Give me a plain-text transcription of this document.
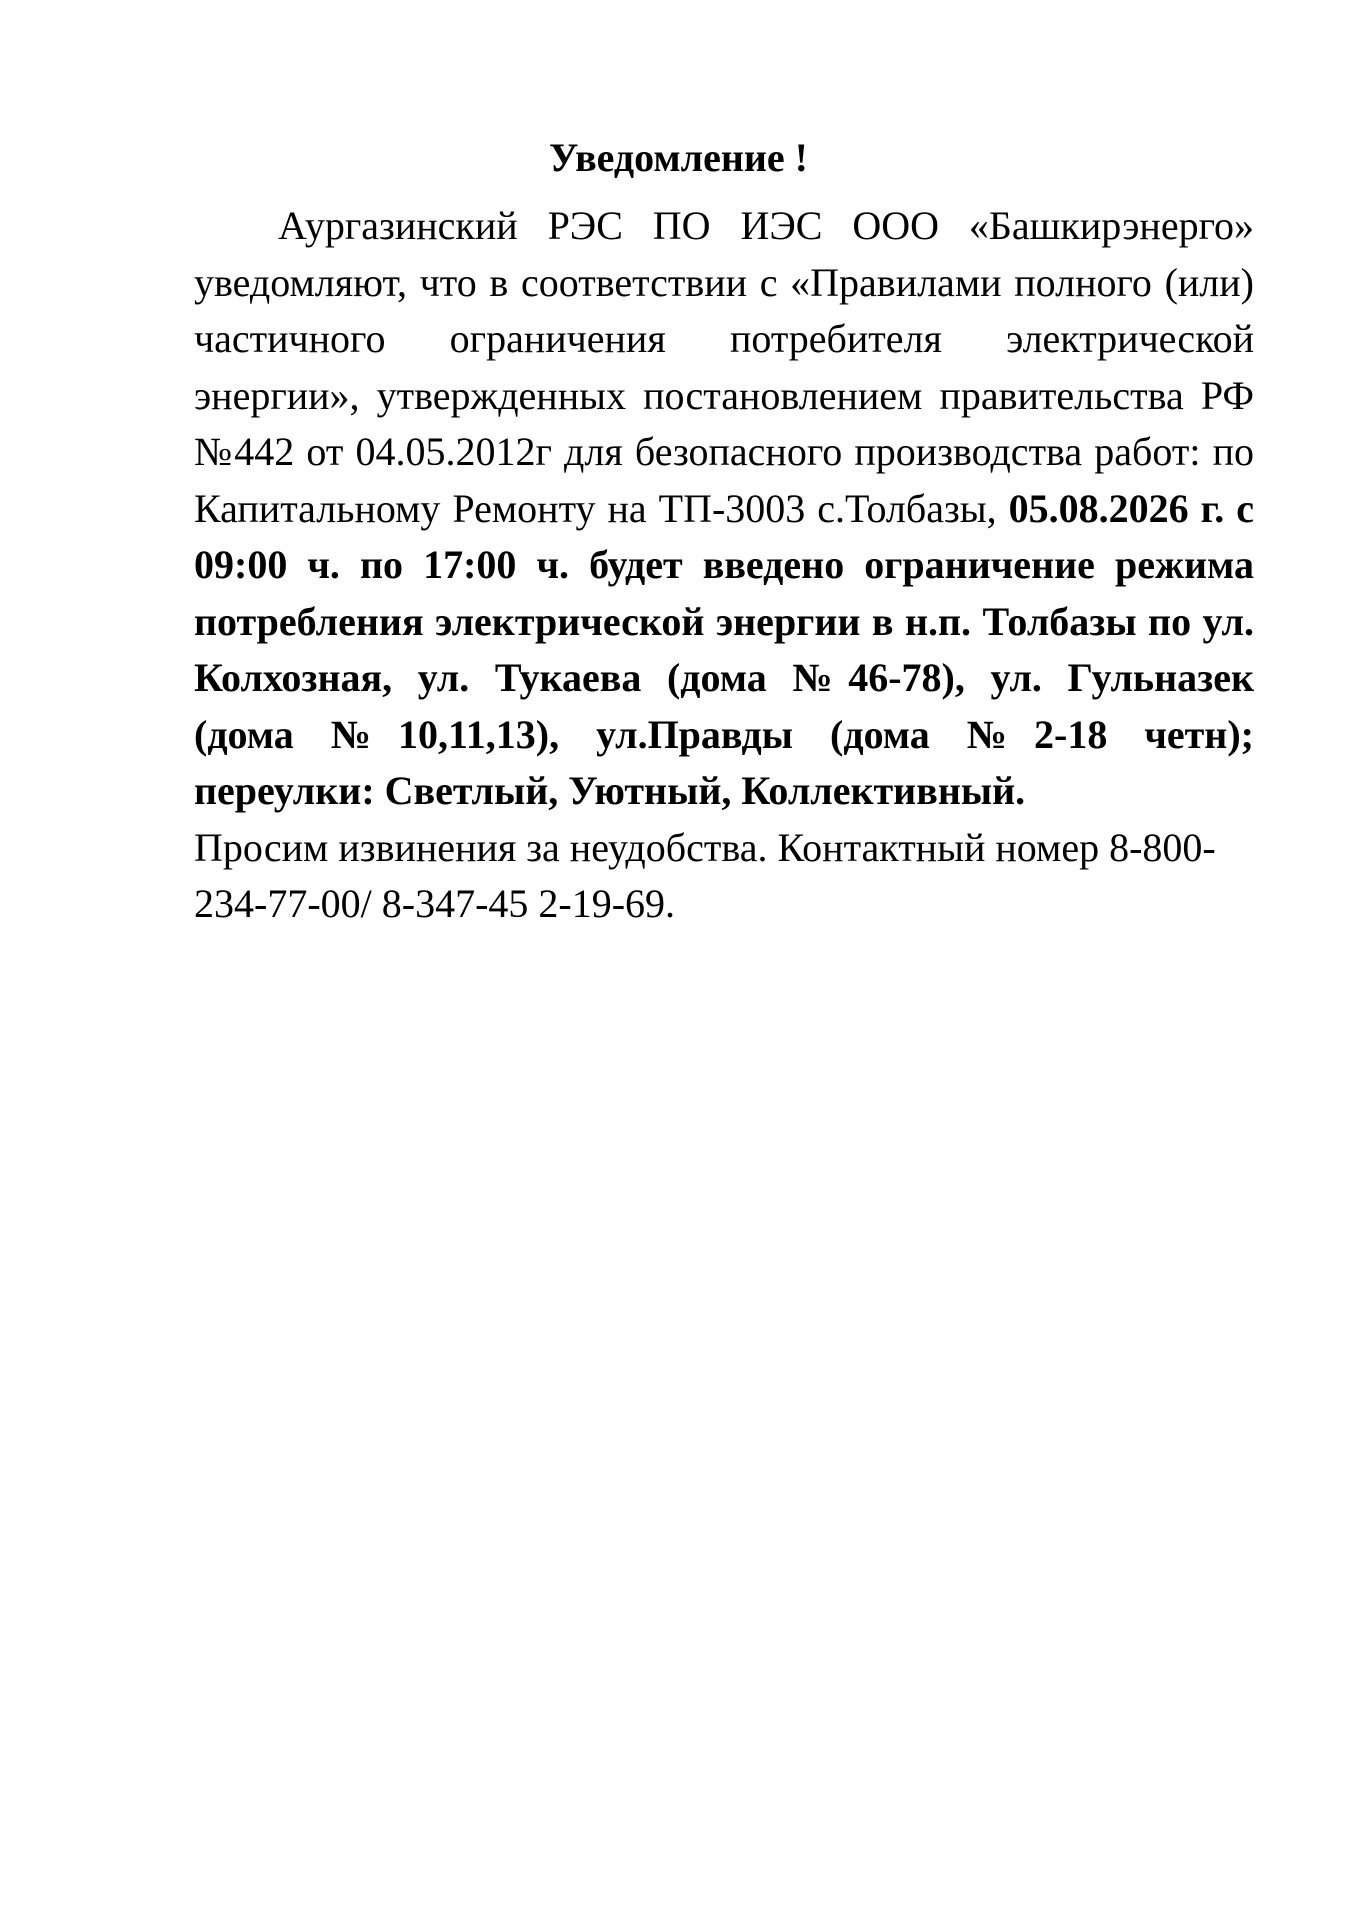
Уведомление !

Аургазинский РЭС ПО ИЭС ООО «Башкирэнерго» уведомляют, что в соответствии с «Правилами полного (или) частичного ограничения потребителя электрической энергии», утвержденных постановлением правительства РФ №442 от 04.05.2012г для безопасного производства работ: по Капитальному Ремонту на ТП-3003 с.Толбазы, 05.08.2026 г. с 09:00 ч. по 17:00 ч. будет введено ограничение режима потребления электрической энергии в н.п. Толбазы по ул. Колхозная, ул. Тукаева (дома №46-78), ул. Гульназек (дома №10,11,13), ул.Правды (дома №2-18 четн); переулки: Светлый, Уютный, Коллективный.

Просим извинения за неудобства. Контактный номер 8-800-234-77-00/ 8-347-45 2-19-69.
